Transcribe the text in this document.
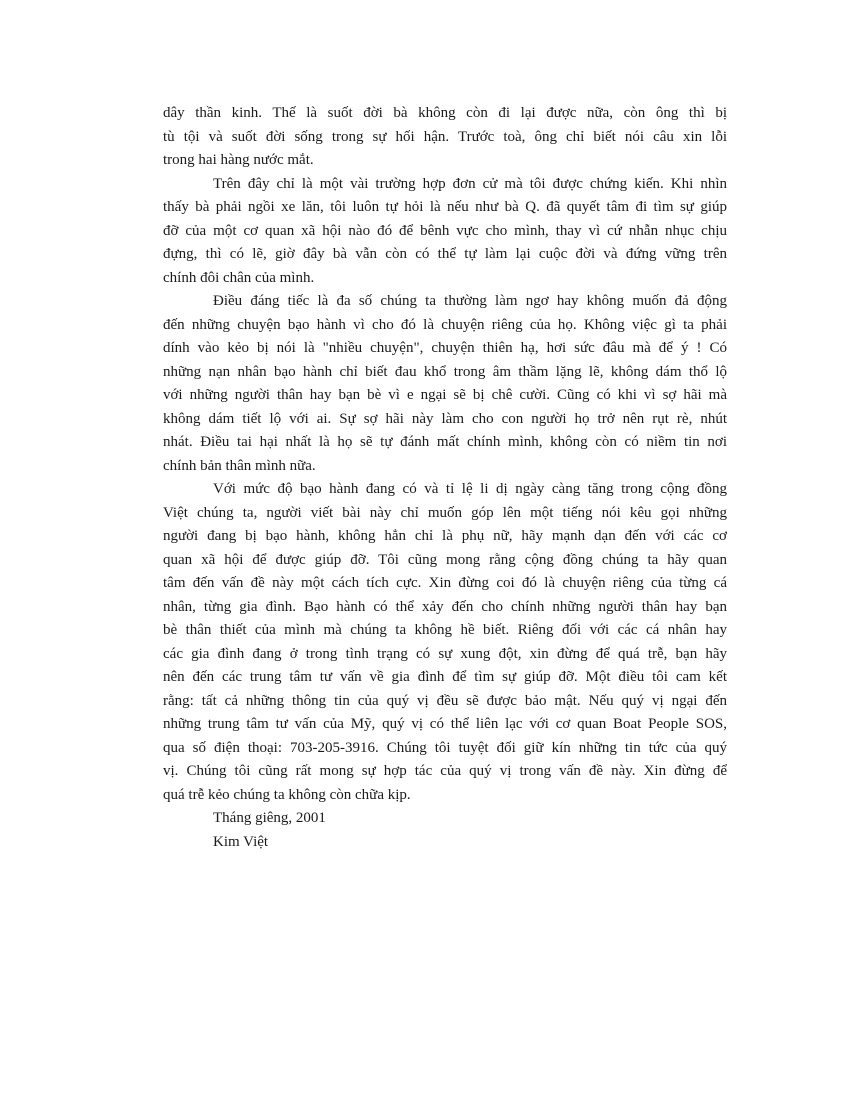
dây thần kinh. Thế là suốt đời bà không còn đi lại được nữa, còn ông thì bị
tù tội và suốt đời sống trong sự hối hận. Trước toà, ông chỉ biết nói câu xin lỗi
trong hai hàng nước mắt.
Trên đây chỉ là một vài trường hợp đơn cử mà tôi được chứng kiến. Khi nhìn
thấy bà phải ngồi xe lăn, tôi luôn tự hỏi là nếu như bà Q. đã quyết tâm đi tìm sự giúp
đỡ của một cơ quan xã hội nào đó để bênh vực cho mình, thay vì cứ nhẫn nhục chịu
đựng, thì có lẽ, giờ đây bà vẫn còn có thể tự làm lại cuộc đời và đứng vững trên
chính đôi chân của mình.
Điều đáng tiếc là đa số chúng ta thường làm ngơ hay không muốn đả động
đến những chuyện bạo hành vì cho đó là chuyện riêng của họ. Không việc gì ta phải
dính vào kẻo bị nói là "nhiều chuyện", chuyện thiên hạ, hơi sức đâu mà để ý ! Có
những nạn nhân bạo hành chỉ biết đau khổ trong âm thầm lặng lẽ, không dám thổ lộ
với những người thân hay bạn bè vì e ngại sẽ bị chê cười. Cũng có khi vì sợ hãi mà
không dám tiết lộ với ai. Sự sợ hãi này làm cho con người họ trở nên rụt rè, nhút
nhát. Điều tai hại nhất là họ sẽ tự đánh mất chính mình, không còn có niềm tin nơi
chính bản thân mình nữa.
Với mức độ bạo hành đang có và tỉ lệ li dị ngày càng tăng trong cộng đồng
Việt chúng ta, người viết bài này chỉ muốn góp lên một tiếng nói kêu gọi những
người đang bị bạo hành, không hẳn chỉ là phụ nữ, hãy mạnh dạn đến với các cơ
quan xã hội để được giúp đỡ. Tôi cũng mong rằng cộng đồng chúng ta hãy quan
tâm đến vấn đề này một cách tích cực. Xin đừng coi đó là chuyện riêng của từng cá
nhân, từng gia đình. Bạo hành có thể xảy đến cho chính những người thân hay bạn
bè thân thiết của mình mà chúng ta không hề biết. Riêng đối với các cá nhân hay
các gia đình đang ở trong tình trạng có sự xung đột, xin đừng để quá trễ, bạn hãy
nên đến các trung tâm tư vấn về gia đình để tìm sự giúp đỡ. Một điều tôi cam kết
rằng: tất cả những thông tin của quý vị đều sẽ được bảo mật. Nếu quý vị ngại đến
những trung tâm tư vấn của Mỹ, quý vị có thể liên lạc với cơ quan Boat People SOS,
qua số điện thoại: 703-205-3916. Chúng tôi tuyệt đối giữ kín những tin tức của quý
vị. Chúng tôi cũng rất mong sự hợp tác của quý vị trong vấn đề này. Xin đừng để
quá trễ kẻo chúng ta không còn chữa kịp.
Tháng giêng, 2001
Kim Việt
